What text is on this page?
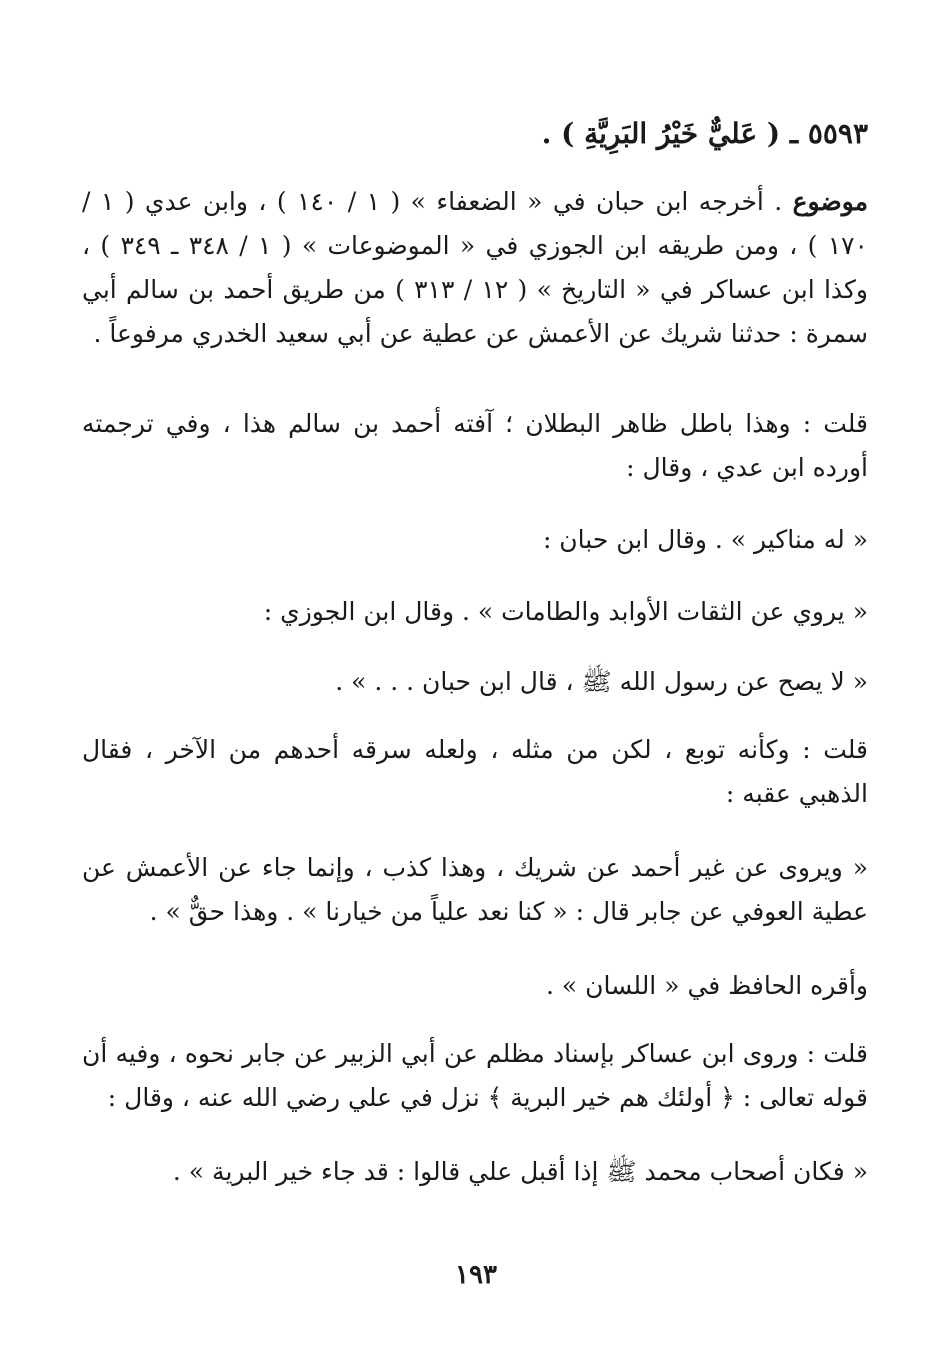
٥٥٩٣ ـ ( عَليٌّ خَيْرُ البَرِيَّةِ ) .
موضوع . أخرجه ابن حبان في « الضعفاء » ( ١ / ١٤٠ ) ، وابن عدي ( ١ / ١٧٠ ) ، ومن طريقه ابن الجوزي في « الموضوعات » ( ١ / ٣٤٨ ـ ٣٤٩ ) ، وكذا ابن عساكر في « التاريخ » ( ١٢ / ٣١٣ ) من طريق أحمد بن سالم أبي سمرة : حدثنا شريك عن الأعمش عن عطية عن أبي سعيد الخدري مرفوعاً .
قلت : وهذا باطل ظاهر البطلان ؛ آفته أحمد بن سالم هذا ، وفي ترجمته أورده ابن عدي ، وقال :
« له مناكير » . وقال ابن حبان :
« يروي عن الثقات الأوابد والطامات » . وقال ابن الجوزي :
« لا يصح عن رسول الله ﷺ ، قال ابن حبان . . . » .
قلت : وكأنه توبع ، لكن من مثله ، ولعله سرقه أحدهم من الآخر ، فقال الذهبي عقبه :
« ويروى عن غير أحمد عن شريك ، وهذا كذب ، وإنما جاء عن الأعمش عن عطية العوفي عن جابر قال : « كنا نعد علياً من خيارنا » . وهذا حقٌّ » .
وأقره الحافظ في « اللسان » .
قلت : وروى ابن عساكر بإسناد مظلم عن أبي الزبير عن جابر نحوه ، وفيه أن قوله تعالى : ﴿ أولئك هم خير البرية ﴾ نزل في علي رضي الله عنه ، وقال :
« فكان أصحاب محمد ﷺ إذا أقبل علي قالوا : قد جاء خير البرية » .
١٩٣
